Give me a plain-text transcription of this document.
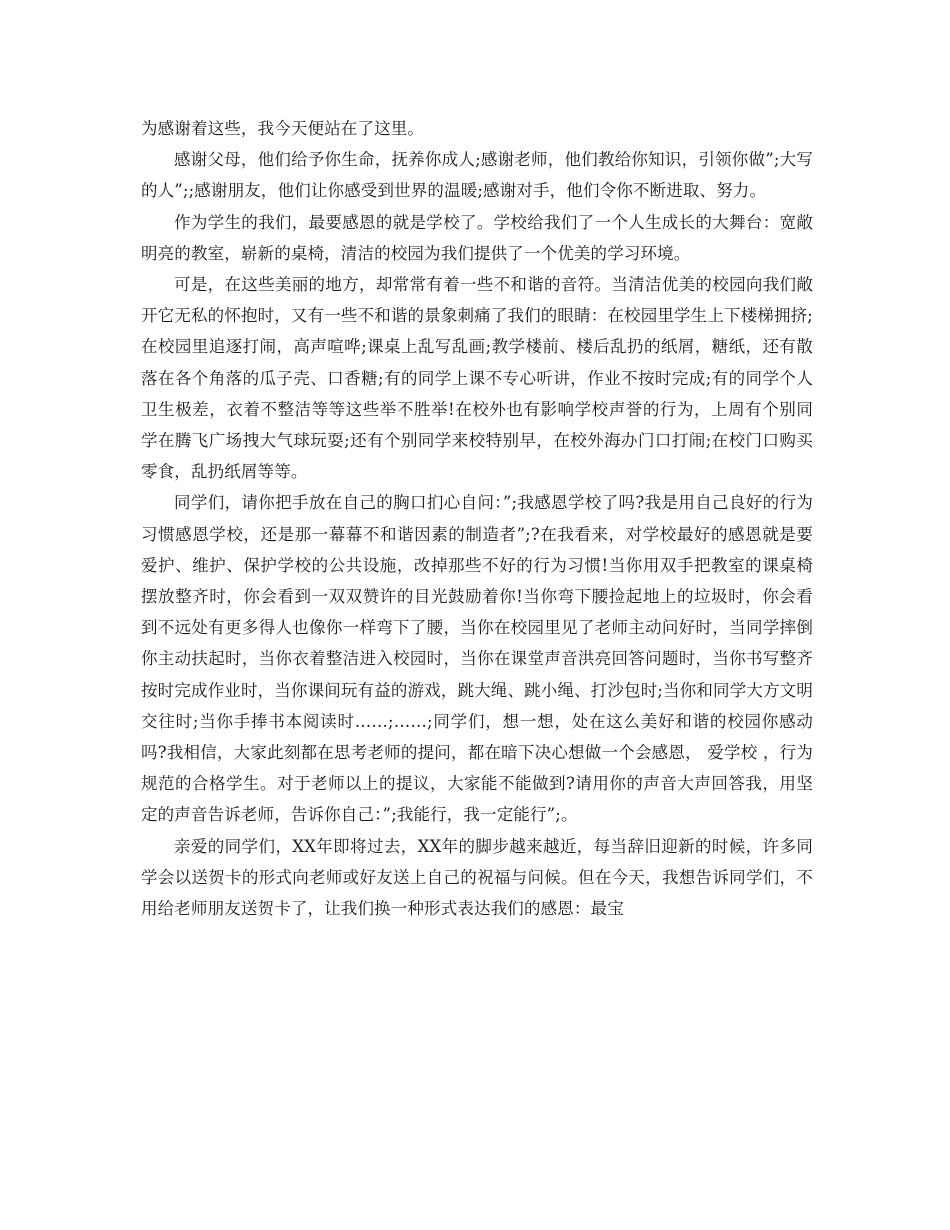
为感谢着这些，我今天便站在了这里。

感谢父母，他们给予你生命，抚养你成人;感谢老师，他们教给你知识，引领你做”;大写的人”;;感谢朋友，他们让你感受到世界的温暖;感谢对手，他们令你不断进取、努力。

作为学生的我们，最要感恩的就是学校了。学校给我们了一个人生成长的大舞台：宽敞明亮的教室，崭新的桌椅，清洁的校园为我们提供了一个优美的学习环境。

可是，在这些美丽的地方，却常常有着一些不和谐的音符。当清洁优美的校园向我们敞开它无私的怀抱时，又有一些不和谐的景象刺痛了我们的眼睛：在校园里学生上下楼梯拥挤;在校园里追逐打闹，高声喧哗;课桌上乱写乱画;教学楼前、楼后乱扔的纸屑，糖纸，还有散落在各个角落的瓜子壳、口香糖;有的同学上课不专心听讲，作业不按时完成;有的同学个人卫生极差，衣着不整洁等等这些举不胜举!在校外也有影响学校声誉的行为，上周有个别同学在腾飞广场拽大气球玩耍;还有个别同学来校特别早，在校外海办门口打闹;在校门口购买零食，乱扔纸屑等等。

同学们，请你把手放在自己的胸口扪心自问：”;我感恩学校了吗?我是用自己良好的行为习惯感恩学校，还是那一幕幕不和谐因素的制造者”;?在我看来，对学校最好的感恩就是要爱护、维护、保护学校的公共设施，改掉那些不好的行为习惯!当你用双手把教室的课桌椅摆放整齐时，你会看到一双双赞许的目光鼓励着你!当你弯下腰捡起地上的垃圾时，你会看到不远处有更多得人也像你一样弯下了腰，当你在校园里见了老师主动问好时，当同学摔倒你主动扶起时，当你衣着整洁进入校园时，当你在课堂声音洪亮回答问题时，当你书写整齐按时完成作业时，当你课间玩有益的游戏，跳大绳、跳小绳、打沙包时;当你和同学大方文明交往时;当你手捧书本阅读时……;……;同学们，想一想，处在这么美好和谐的校园你感动吗?我相信，大家此刻都在思考老师的提问，都在暗下决心想做一个会感恩， 爱学校 ，行为规范的合格学生。对于老师以上的提议，大家能不能做到?请用你的声音大声回答我，用坚定的声音告诉老师，告诉你自己：”;我能行，我一定能行”;。

亲爱的同学们，XX年即将过去，XX年的脚步越来越近，每当辞旧迎新的时候，许多同学会以送贺卡的形式向老师或好友送上自己的祝福与问候。但在今天，我想告诉同学们，不用给老师朋友送贺卡了，让我们换一种形式表达我们的感恩：最宝
